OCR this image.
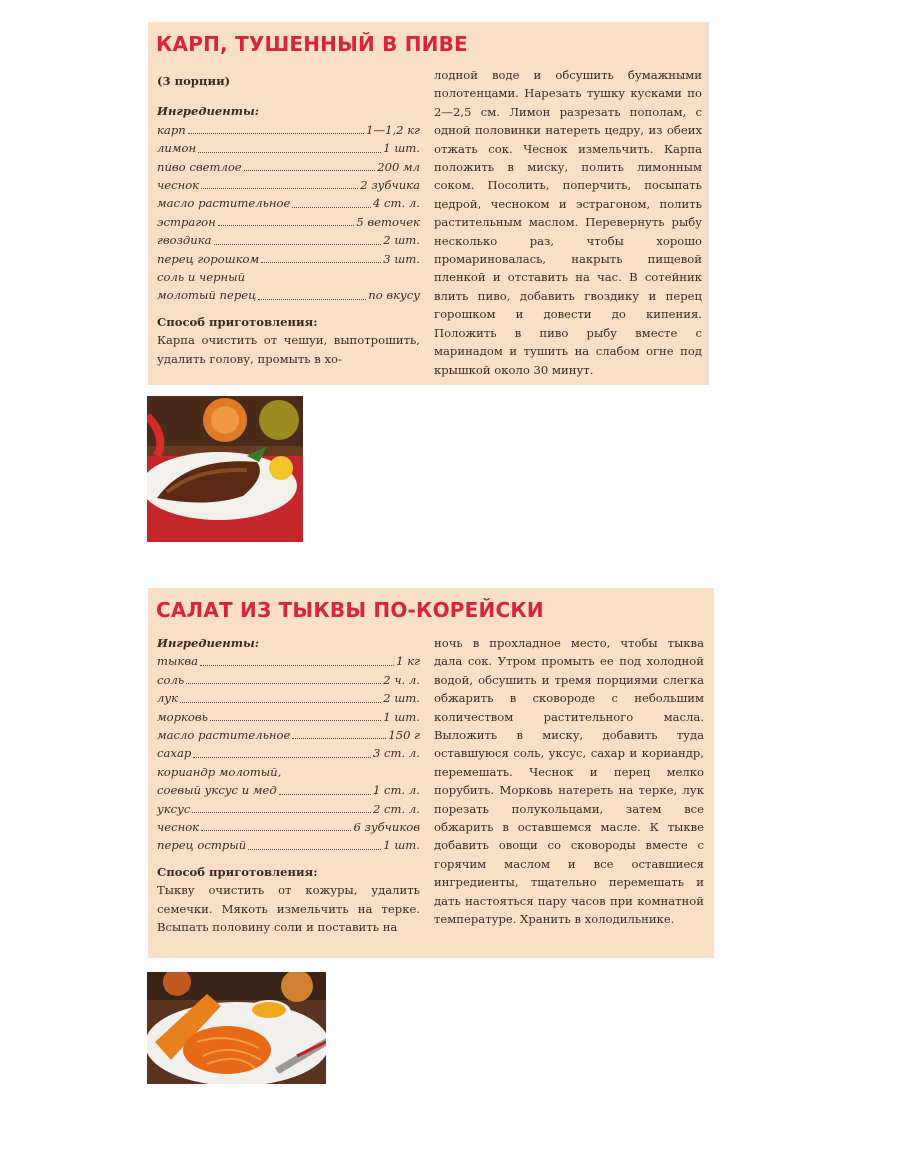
КАРП, ТУШЕННЫЙ В ПИВЕ
(3 порции)
Ингредиенты:
карп	1—1,2 кг
лимон	1 шт.
пиво светлое	200 мл
чеснок	2 зубчика
масло растительное	4 ст. л.
эстрагон	5 веточек
гвоздика	2 шт.
перец горошком	3 шт.
соль и черный
молотый перец	по вкусу
Способ приготовления:
Карпа очистить от чешуи, выпотрошить, удалить голову, промыть в хо-
лодной воде и обсушить бумажными полотенцами. Нарезать тушку кусками по 2—2,5 см. Лимон разрезать пополам, с одной половинки натереть цедру, из обеих отжать сок. Чеснок измельчить. Карпа положить в миску, полить лимонным соком. Посолить, поперчить, посыпать цедрой, чесноком и эстрагоном, полить растительным маслом. Перевернуть рыбу несколько раз, чтобы хорошо промариновалась, накрыть пищевой пленкой и отставить на час. В сотейник влить пиво, добавить гвоздику и перец горошком и довести до кипения. Положить в пиво рыбу вместе с маринадом и тушить на слабом огне под крышкой около 30 минут.
САЛАТ ИЗ ТЫКВЫ ПО-КОРЕЙСКИ
Ингредиенты:
тыква	1 кг
соль	2 ч. л.
лук	2 шт.
морковь	1 шт.
масло растительное	150 г
сахар	3 ст. л.
кориандр молотый,
соевый уксус и мед	1 ст. л.
уксус	2 ст. л.
чеснок	6 зубчиков
перец острый	1 шт.
Способ приготовления:
Тыкву очистить от кожуры, удалить семечки. Мякоть измельчить на терке. Всыпать половину соли и поставить на
ночь в прохладное место, чтобы тыква дала сок. Утром промыть ее под холодной водой, обсушить и тремя порциями слегка обжарить в сковороде с небольшим количеством растительного масла. Выложить в миску, добавить туда оставшуюся соль, уксус, сахар и кориандр, перемешать. Чеснок и перец мелко порубить. Морковь натереть на терке, лук порезать полукольцами, затем все обжарить в оставшемся масле. К тыкве добавить овощи со сковороды вместе с горячим маслом и все оставшиеся ингредиенты, тщательно перемешать и дать настояться пару часов при комнатной температуре. Хранить в холодильнике.
